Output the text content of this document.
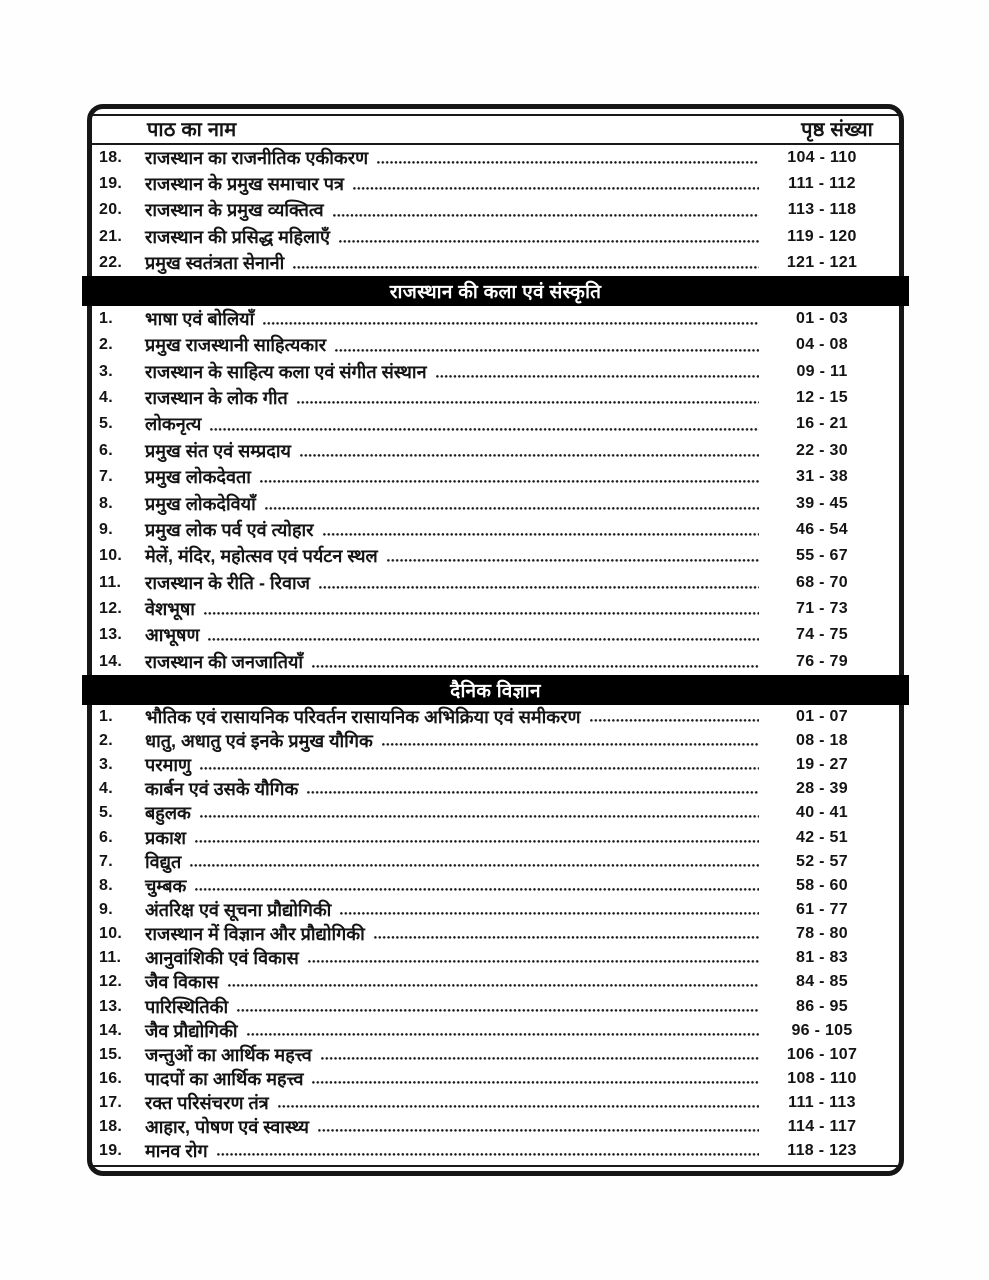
पाठ का नाम	पृष्ठ संख्या
18.	राजस्थान का राजनीतिक एकीकरण	104 - 110
19.	राजस्थान के प्रमुख समाचार पत्र	111 - 112
20.	राजस्थान के प्रमुख व्यक्तित्व	113 - 118
21.	राजस्थान की प्रसिद्ध महिलाएँ	119 - 120
22.	प्रमुख स्वतंत्रता सेनानी	121 - 121
राजस्थान की कला एवं संस्कृति
1.	भाषा एवं बोलियाँ	01 - 03
2.	प्रमुख राजस्थानी साहित्यकार	04 - 08
3.	राजस्थान के साहित्य कला एवं संगीत संस्थान	09 - 11
4.	राजस्थान के लोक गीत	12 - 15
5.	लोकनृत्य	16 - 21
6.	प्रमुख संत एवं सम्प्रदाय	22 - 30
7.	प्रमुख लोकदेवता	31 - 38
8.	प्रमुख लोकदेवियाँ	39 - 45
9.	प्रमुख लोक पर्व एवं त्योहार	46 - 54
10.	मेलें, मंदिर, महोत्सव एवं पर्यटन स्थल	55 - 67
11.	राजस्थान के रीति - रिवाज	68 - 70
12.	वेशभूषा	71 - 73
13.	आभूषण	74 - 75
14.	राजस्थान की जनजातियाँ	76 - 79
दैनिक विज्ञान
1.	भौतिक एवं रासायनिक परिवर्तन रासायनिक अभिक्रिया एवं समीकरण	01 - 07
2.	धातु, अधातु एवं इनके प्रमुख यौगिक	08 - 18
3.	परमाणु	19 - 27
4.	कार्बन एवं उसके यौगिक	28 - 39
5.	बहुलक	40 - 41
6.	प्रकाश	42 - 51
7.	विद्युत	52 - 57
8.	चुम्बक	58 - 60
9.	अंतरिक्ष एवं सूचना प्रौद्योगिकी	61 - 77
10.	राजस्थान में विज्ञान और प्रौद्योगिकी	78 - 80
11.	आनुवांशिकी एवं विकास	81 - 83
12.	जैव विकास	84 - 85
13.	पारिस्थितिकी	86 - 95
14.	जैव प्रौद्योगिकी	96 - 105
15.	जन्तुओं का आर्थिक महत्त्व	106 - 107
16.	पादपों का आर्थिक महत्त्व	108 - 110
17.	रक्त परिसंचरण तंत्र	111 - 113
18.	आहार, पोषण एवं स्वास्थ्य	114 - 117
19.	मानव रोग	118 - 123
